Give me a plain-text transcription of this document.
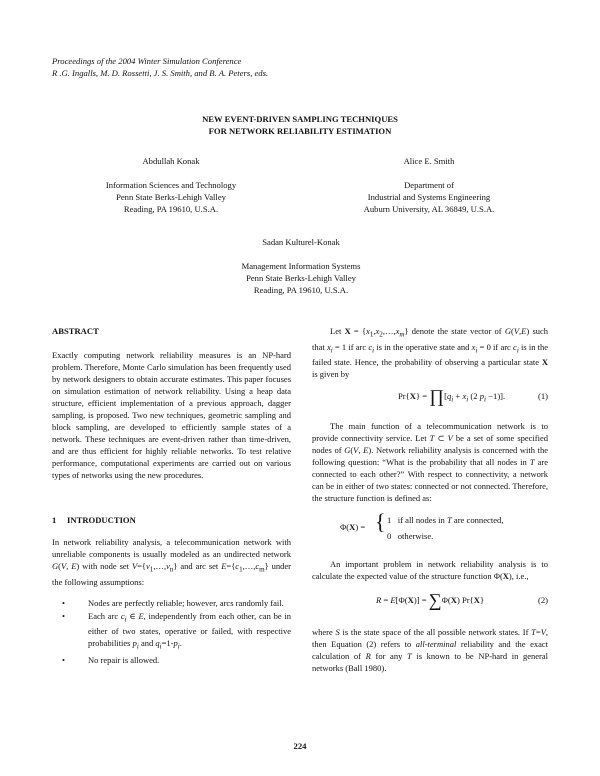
Proceedings of the 2004 Winter Simulation Conference
R .G. Ingalls, M. D. Rossetti, J. S. Smith, and B. A. Peters, eds.
NEW EVENT-DRIVEN SAMPLING TECHNIQUES
FOR NETWORK RELIABILITY ESTIMATION
Abdullah Konak
Information Sciences and Technology
Penn State Berks-Lehigh Valley
Reading, PA 19610, U.S.A.
Alice E. Smith
Department of
Industrial and Systems Engineering
Auburn University, AL 36849, U.S.A.
Sadan Kulturel-Konak
Management Information Systems
Penn State Berks-Lehigh Valley
Reading, PA 19610, U.S.A.
ABSTRACT

Exactly computing network reliability measures is an NP-hard problem. Therefore, Monte Carlo simulation has been frequently used by network designers to obtain accurate estimates. This paper focuses on simulation estimation of network reliability. Using a heap data structure, efficient implementation of a previous approach, dagger sampling, is proposed. Two new techniques, geometric sampling and block sampling, are developed to efficiently sample states of a network. These techniques are event-driven rather than time-driven, and are thus efficient for highly reliable networks. To test relative performance, computational experiments are carried out on various types of networks using the new procedures.

1 INTRODUCTION

In network reliability analysis, a telecommunication network with unreliable components is usually modeled as an undirected network G(V, E) with node set $V=\{v_1,\dots,v_n\}$ and arc set $E=\{c_1,\dots,c_m\}$ under the following assumptions:

•	Nodes are perfectly reliable; however, arcs randomly fail.
•	Each arc $c_i$ ∈ E, independently from each other, can be in either of two states, operative or failed, with respective probabilities $p_i$ and $q_i=1-p_i$.
•	No repair is allowed.

Let $X = \{x_1,x_2,\dots,x_m\}$ denote the state vector of G(V,E) such that $x_i = 1$ if arc $c_i$ is in the operative state and $x_i = 0$ if arc $c_i$ is in the failed state. Hence, the probability of observing a particular state X is given by

$Pr\{X\} = \prod[q_i + x_i$ (2 $p_i -1$)].	(1)

The main function of a telecommunication network is to provide connectivity service. Let T ⊂ V be a set of some specified nodes of G(V, E). Network reliability analysis is concerned with the following question: “What is the probability that all nodes in T are connected to each other?” With respect to connectivity, a network can be in either of two states: connected or not connected. Therefore, the structure function is defined as:

Φ(X) = { 1   if all nodes in T are connected,
0   otherwise.

An important problem in network reliability analysis is to calculate the expected value of the structure function Φ(X), i.e.,

R = E[Φ(X)] = ∑Φ(X) Pr{X}	(2)

where S is the state space of the all possible network states. If T=V, then Equation (2) refers to all-terminal reliability and the exact calculation of R for any T is known to be NP-hard in general networks (Ball 1980).

224
